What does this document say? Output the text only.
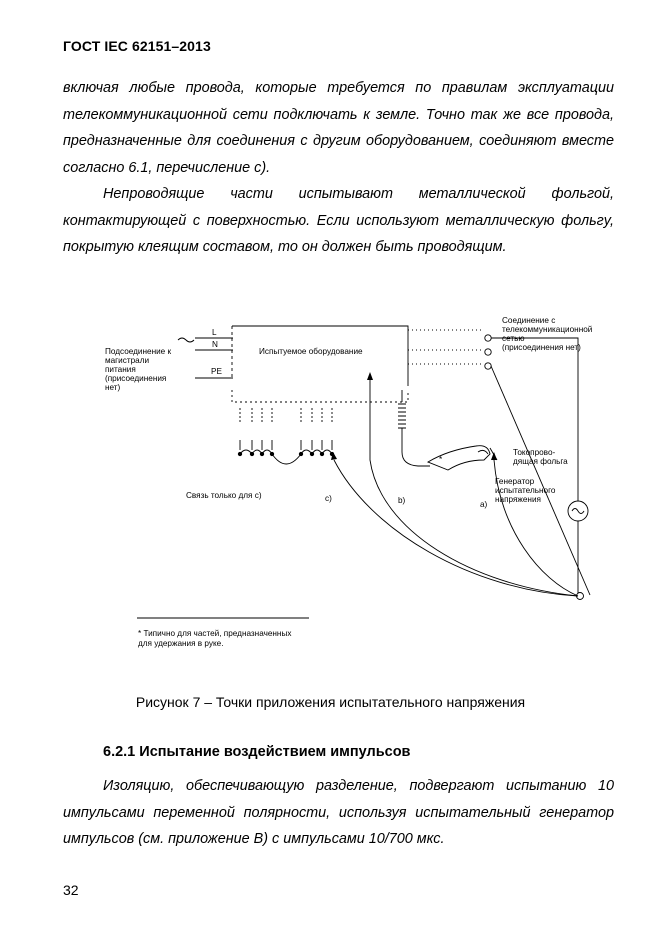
ГОСТ IEC 62151–2013
включая любые провода, которые требуется по правилам эксплуатации телекоммуникационной сети подключать к земле. Точно так же все провода, предназначенные для соединения с другим оборудованием, соединяют вместе согласно 6.1, перечисление c).
Непроводящие части испытывают металлической фольгой, контактирующей с поверхностью. Если используют металлическую фольгу, покрытую клеящим составом, то он должен быть проводящим.
L
N
PE
Испытуемое оборудование
Подсоединение к
магистрали
питания
(присоединения
нет)
Соединение с
телекоммуникационной
сетью
(присоединения нет)
Токопрово-
дящая фольга
Генератор
испытательного
напряжения
Связь только для c)
a)
b)
c)
*
* Типично для частей, предназначенных
для удержания в руке.
Рисунок 7 – Точки приложения испытательного напряжения
6.2.1 Испытание воздействием импульсов
Изоляцию, обеспечивающую разделение, подвергают испытанию 10 импульсами переменной полярности, используя испытательный генератор импульсов (см. приложение В) с импульсами 10/700 мкс.
32
